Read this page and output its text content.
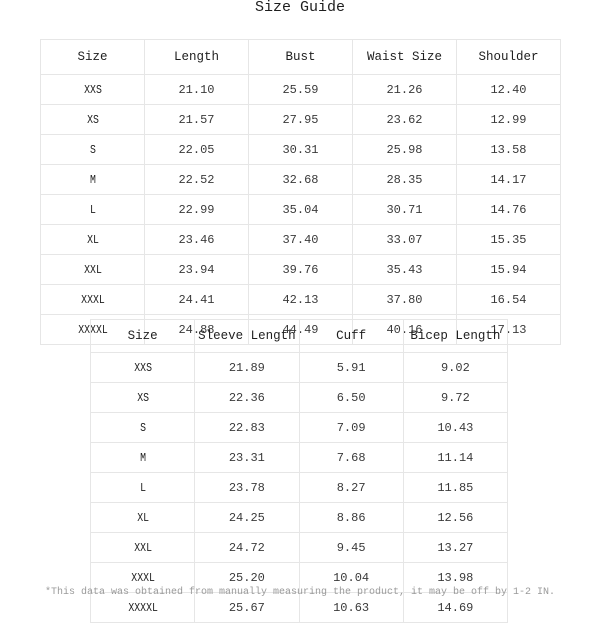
Size Guide
Size	Length	Bust	Waist Size	Shoulder
XXS	21.10	25.59	21.26	12.40
XS	21.57	27.95	23.62	12.99
S	22.05	30.31	25.98	13.58
M	22.52	32.68	28.35	14.17
L	22.99	35.04	30.71	14.76
XL	23.46	37.40	33.07	15.35
XXL	23.94	39.76	35.43	15.94
XXXL	24.41	42.13	37.80	16.54
XXXXL	24.88	44.49	40.16	17.13
Size	Sleeve Length	Cuff	Bicep Length
XXS	21.89	5.91	9.02
XS	22.36	6.50	9.72
S	22.83	7.09	10.43
M	23.31	7.68	11.14
L	23.78	8.27	11.85
XL	24.25	8.86	12.56
XXL	24.72	9.45	13.27
XXXL	25.20	10.04	13.98
XXXXL	25.67	10.63	14.69
*This data was obtained from manually measuring the product, it may be off by 1-2 IN.
